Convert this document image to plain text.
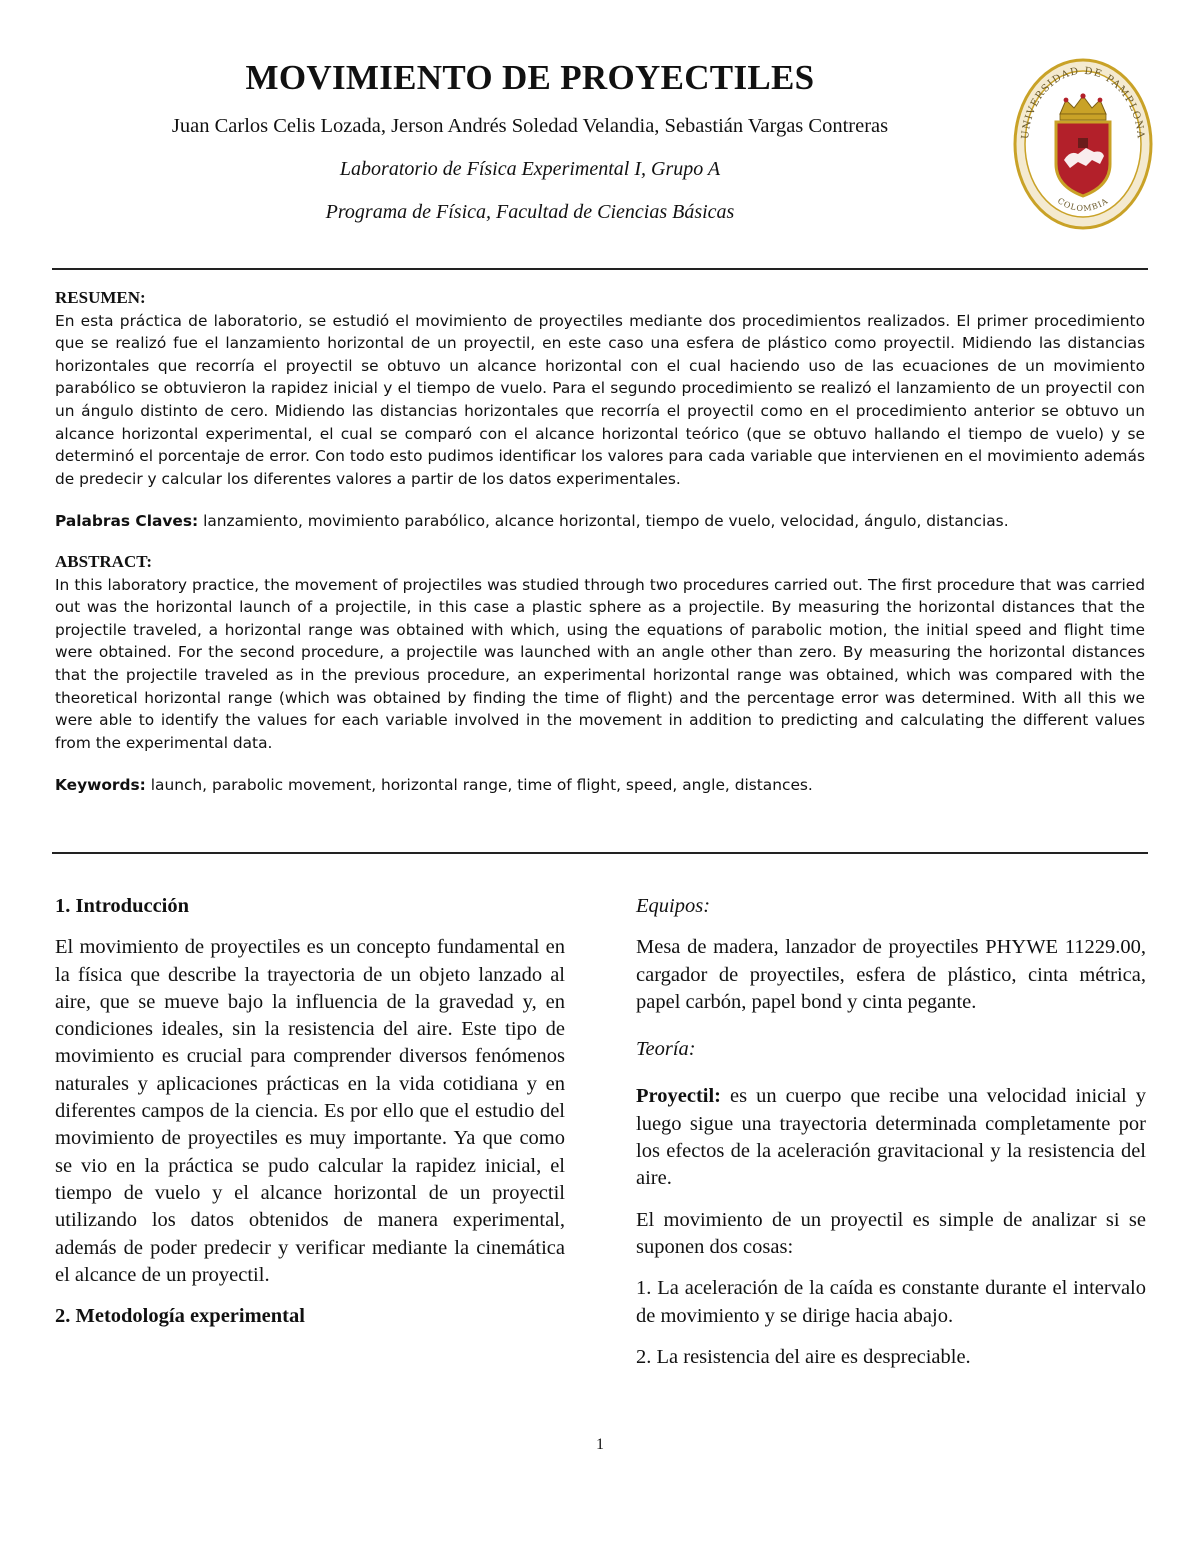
MOVIMIENTO DE PROYECTILES
Juan Carlos Celis Lozada, Jerson Andrés Soledad Velandia, Sebastián Vargas Contreras
Laboratorio de Física Experimental I, Grupo A
Programa de Física, Facultad de Ciencias Básicas
UNIVERSIDAD DE PAMPLONA
COLOMBIA
RESUMEN:

En esta práctica de laboratorio, se estudió el movimiento de proyectiles mediante dos procedimientos realizados. El primer procedimiento que se realizó fue el lanzamiento horizontal de un proyectil, en este caso una esfera de plástico como proyectil. Midiendo las distancias horizontales que recorría el proyectil se obtuvo un alcance horizontal con el cual haciendo uso de las ecuaciones de un movimiento parabólico se obtuvieron la rapidez inicial y el tiempo de vuelo. Para el segundo procedimiento se realizó el lanzamiento de un proyectil con un ángulo distinto de cero. Midiendo las distancias horizontales que recorría el proyectil como en el procedimiento anterior se obtuvo un alcance horizontal experimental, el cual se comparó con el alcance horizontal teórico (que se obtuvo hallando el tiempo de vuelo) y se determinó el porcentaje de error. Con todo esto pudimos identificar los valores para cada variable que intervienen en el movimiento además de predecir y calcular los diferentes valores a partir de los datos experimentales.

Palabras Claves: lanzamiento, movimiento parabólico, alcance horizontal, tiempo de vuelo, velocidad, ángulo, distancias.

ABSTRACT:

In this laboratory practice, the movement of projectiles was studied through two procedures carried out. The first procedure that was carried out was the horizontal launch of a projectile, in this case a plastic sphere as a projectile. By measuring the horizontal distances that the projectile traveled, a horizontal range was obtained with which, using the equations of parabolic motion, the initial speed and flight time were obtained. For the second procedure, a projectile was launched with an angle other than zero. By measuring the horizontal distances that the projectile traveled as in the previous procedure, an experimental horizontal range was obtained, which was compared with the theoretical horizontal range (which was obtained by finding the time of flight) and the percentage error was determined. With all this we were able to identify the values for each variable involved in the movement in addition to predicting and calculating the different values from the experimental data.

Keywords: launch, parabolic movement, horizontal range, time of flight, speed, angle, distances.

1. Introducción

El movimiento de proyectiles es un concepto fundamental en la física que describe la trayectoria de un objeto lanzado al aire, que se mueve bajo la influencia de la gravedad y, en condiciones ideales, sin la resistencia del aire. Este tipo de movimiento es crucial para comprender diversos fenómenos naturales y aplicaciones prácticas en la vida cotidiana y en diferentes campos de la ciencia. Es por ello que el estudio del movimiento de proyectiles es muy importante. Ya que como se vio en la práctica se pudo calcular la rapidez inicial, el tiempo de vuelo y el alcance horizontal de un proyectil utilizando los datos obtenidos de manera experimental, además de poder predecir y verificar mediante la cinemática el alcance de un proyectil.

2. Metodología experimental

Equipos:

Mesa de madera, lanzador de proyectiles PHYWE 11229.00, cargador de proyectiles, esfera de plástico, cinta métrica, papel carbón, papel bond y cinta pegante.

Teoría:

Proyectil: es un cuerpo que recibe una velocidad inicial y luego sigue una trayectoria determinada completamente por los efectos de la aceleración gravitacional y la resistencia del aire.

El movimiento de un proyectil es simple de analizar si se suponen dos cosas:

1. La aceleración de la caída es constante durante el intervalo de movimiento y se dirige hacia abajo.

2. La resistencia del aire es despreciable.

1
